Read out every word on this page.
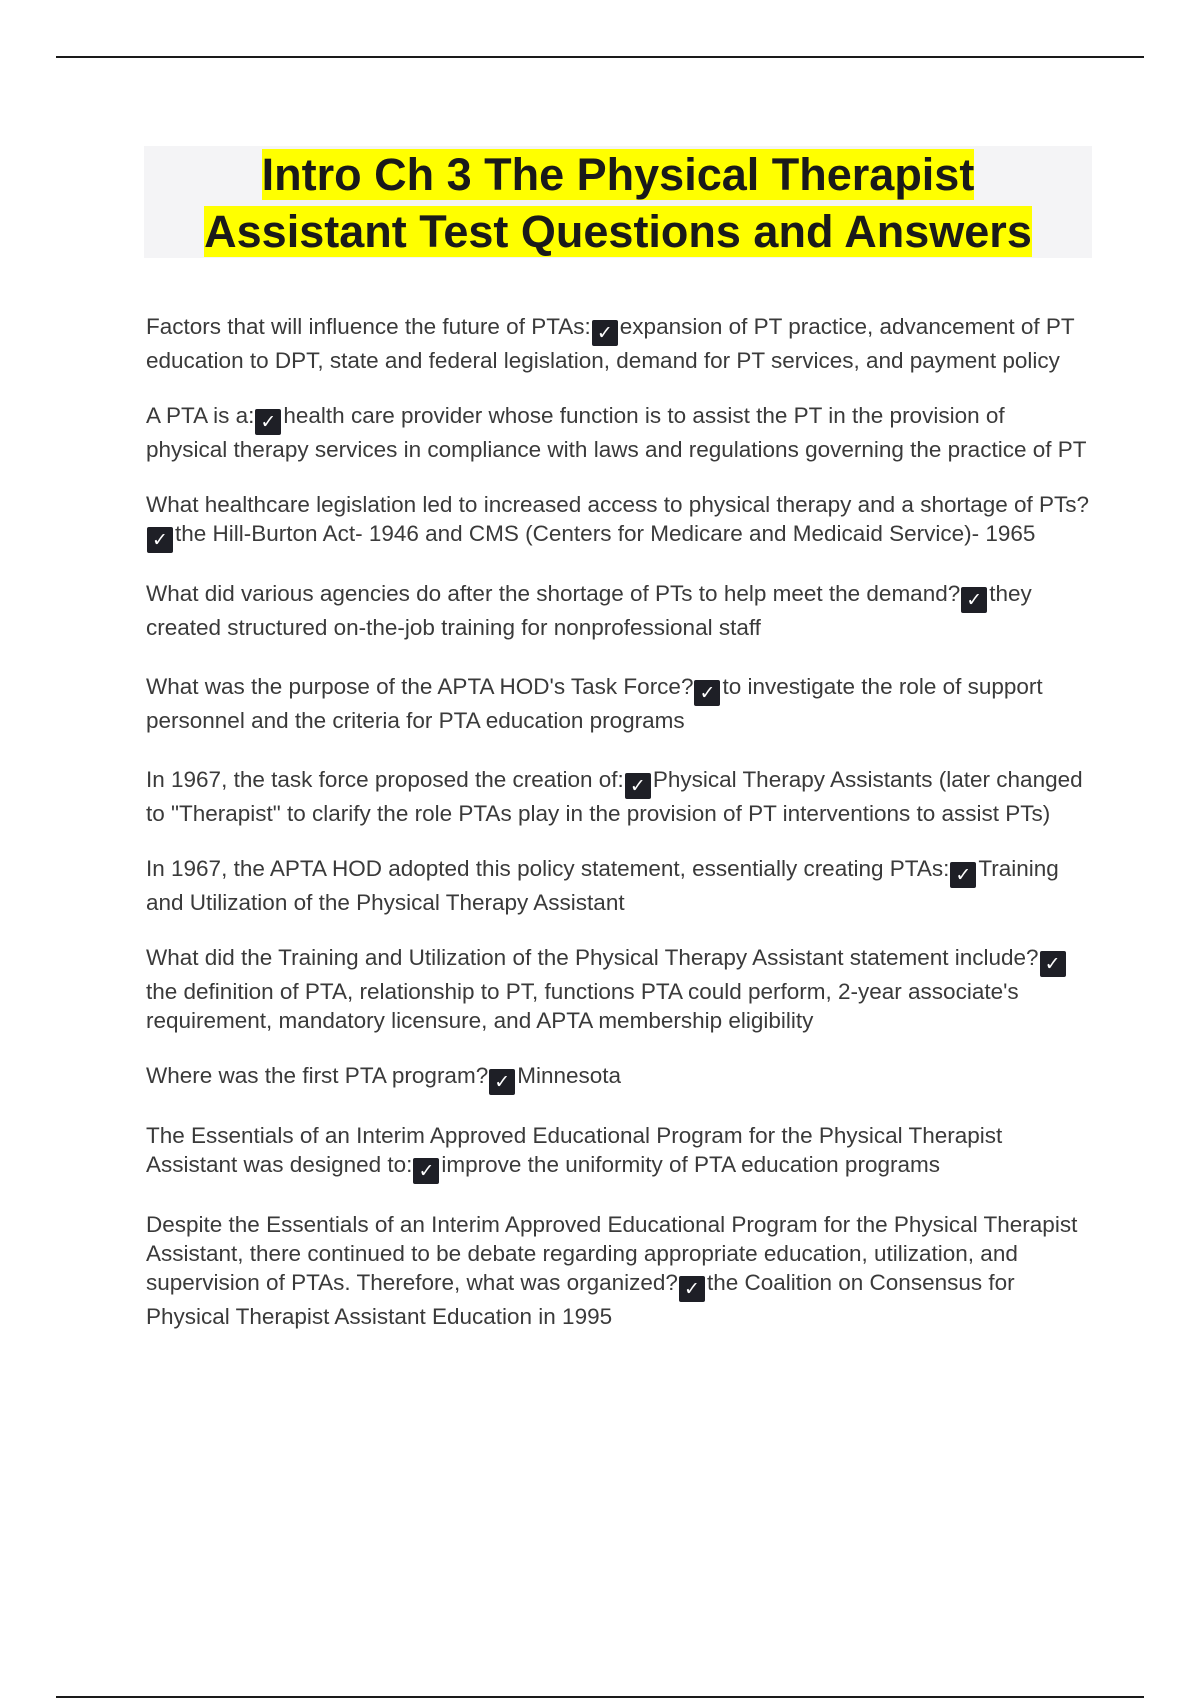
Intro Ch 3 The Physical Therapist
Assistant Test Questions and Answers

Factors that will influence the future of PTAs: ✓ expansion of PT practice, advancement of PT education to DPT, state and federal legislation, demand for PT services, and payment policy

A PTA is a: ✓ health care provider whose function is to assist the PT in the provision of physical therapy services in compliance with laws and regulations governing the practice of PT

What healthcare legislation led to increased access to physical therapy and a shortage of PTs?✓ the Hill-Burton Act- 1946 and CMS (Centers for Medicare and Medicaid Service)- 1965

What did various agencies do after the shortage of PTs to help meet the demand? ✓ they created structured on-the-job training for nonprofessional staff

What was the purpose of the APTA HOD's Task Force? ✓ to investigate the role of support personnel and the criteria for PTA education programs

In 1967, the task force proposed the creation of: ✓ Physical Therapy Assistants (later changed to "Therapist" to clarify the role PTAs play in the provision of PT interventions to assist PTs)

In 1967, the APTA HOD adopted this policy statement, essentially creating PTAs: ✓ Training and Utilization of the Physical Therapy Assistant

What did the Training and Utilization of the Physical Therapy Assistant statement include? ✓the definition of PTA, relationship to PT, functions PTA could perform, 2-year associate's requirement, mandatory licensure, and APTA membership eligibility

Where was the first PTA program? ✓ Minnesota

The Essentials of an Interim Approved Educational Program for the Physical Therapist Assistant was designed to: ✓ improve the uniformity of PTA education programs

Despite the Essentials of an Interim Approved Educational Program for the Physical Therapist Assistant, there continued to be debate regarding appropriate education, utilization, and supervision of PTAs. Therefore, what was organized? ✓ the Coalition on Consensus for Physical Therapist Assistant Education in 1995
